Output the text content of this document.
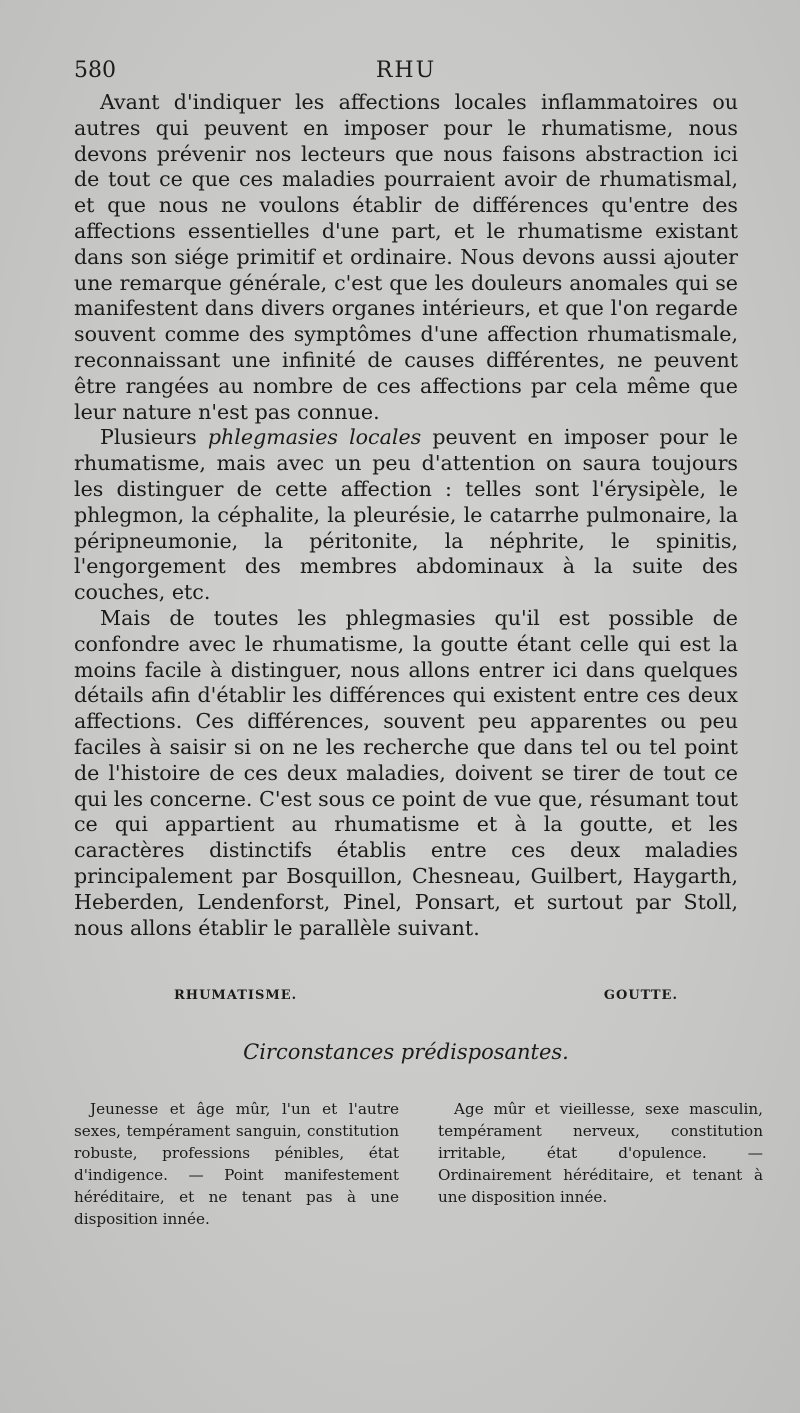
580	RHU

Avant d'indiquer les affections locales inflammatoires ou autres qui peuvent en imposer pour le rhumatisme, nous devons prévenir nos lecteurs que nous faisons abstraction ici de tout ce que ces maladies pourraient avoir de rhumatismal, et que nous ne voulons établir de différences qu'entre des affections essentielles d'une part, et le rhumatisme existant dans son siége primitif et ordinaire. Nous devons aussi ajouter une remarque générale, c'est que les douleurs anomales qui se manifestent dans divers organes intérieurs, et que l'on regarde souvent comme des symptômes d'une affection rhumatismale, reconnaissant une infinité de causes différentes, ne peuvent être rangées au nombre de ces affections par cela même que leur nature n'est pas connue.

Plusieurs phlegmasies locales peuvent en imposer pour le rhumatisme, mais avec un peu d'attention on saura toujours les distinguer de cette affection : telles sont l'érysipèle, le phlegmon, la céphalite, la pleurésie, le catarrhe pulmonaire, la péripneumonie, la péritonite, la néphrite, le spinitis, l'engorgement des membres abdominaux à la suite des couches, etc.

Mais de toutes les phlegmasies qu'il est possible de confondre avec le rhumatisme, la goutte étant celle qui est la moins facile à distinguer, nous allons entrer ici dans quelques détails afin d'établir les différences qui existent entre ces deux affections. Ces différences, souvent peu apparentes ou peu faciles à saisir si on ne les recherche que dans tel ou tel point de l'histoire de ces deux maladies, doivent se tirer de tout ce qui les concerne. C'est sous ce point de vue que, résumant tout ce qui appartient au rhumatisme et à la goutte, et les caractères distinctifs établis entre ces deux maladies principalement par Bosquillon, Chesneau, Guilbert, Haygarth, Heberden, Lendenforst, Pinel, Ponsart, et surtout par Stoll, nous allons établir le parallèle suivant.

RHUMATISME.	GOUTTE.
Circonstances prédisposantes.

Jeunesse et âge mûr, l'un et l'autre sexes, tempérament sanguin, constitution robuste, professions pénibles, état d'indigence. — Point manifestement héréditaire, et ne tenant pas à une disposition innée.

Age mûr et vieillesse, sexe masculin, tempérament nerveux, constitution irritable, état d'opulence. — Ordinairement héréditaire, et tenant à une disposition innée.
